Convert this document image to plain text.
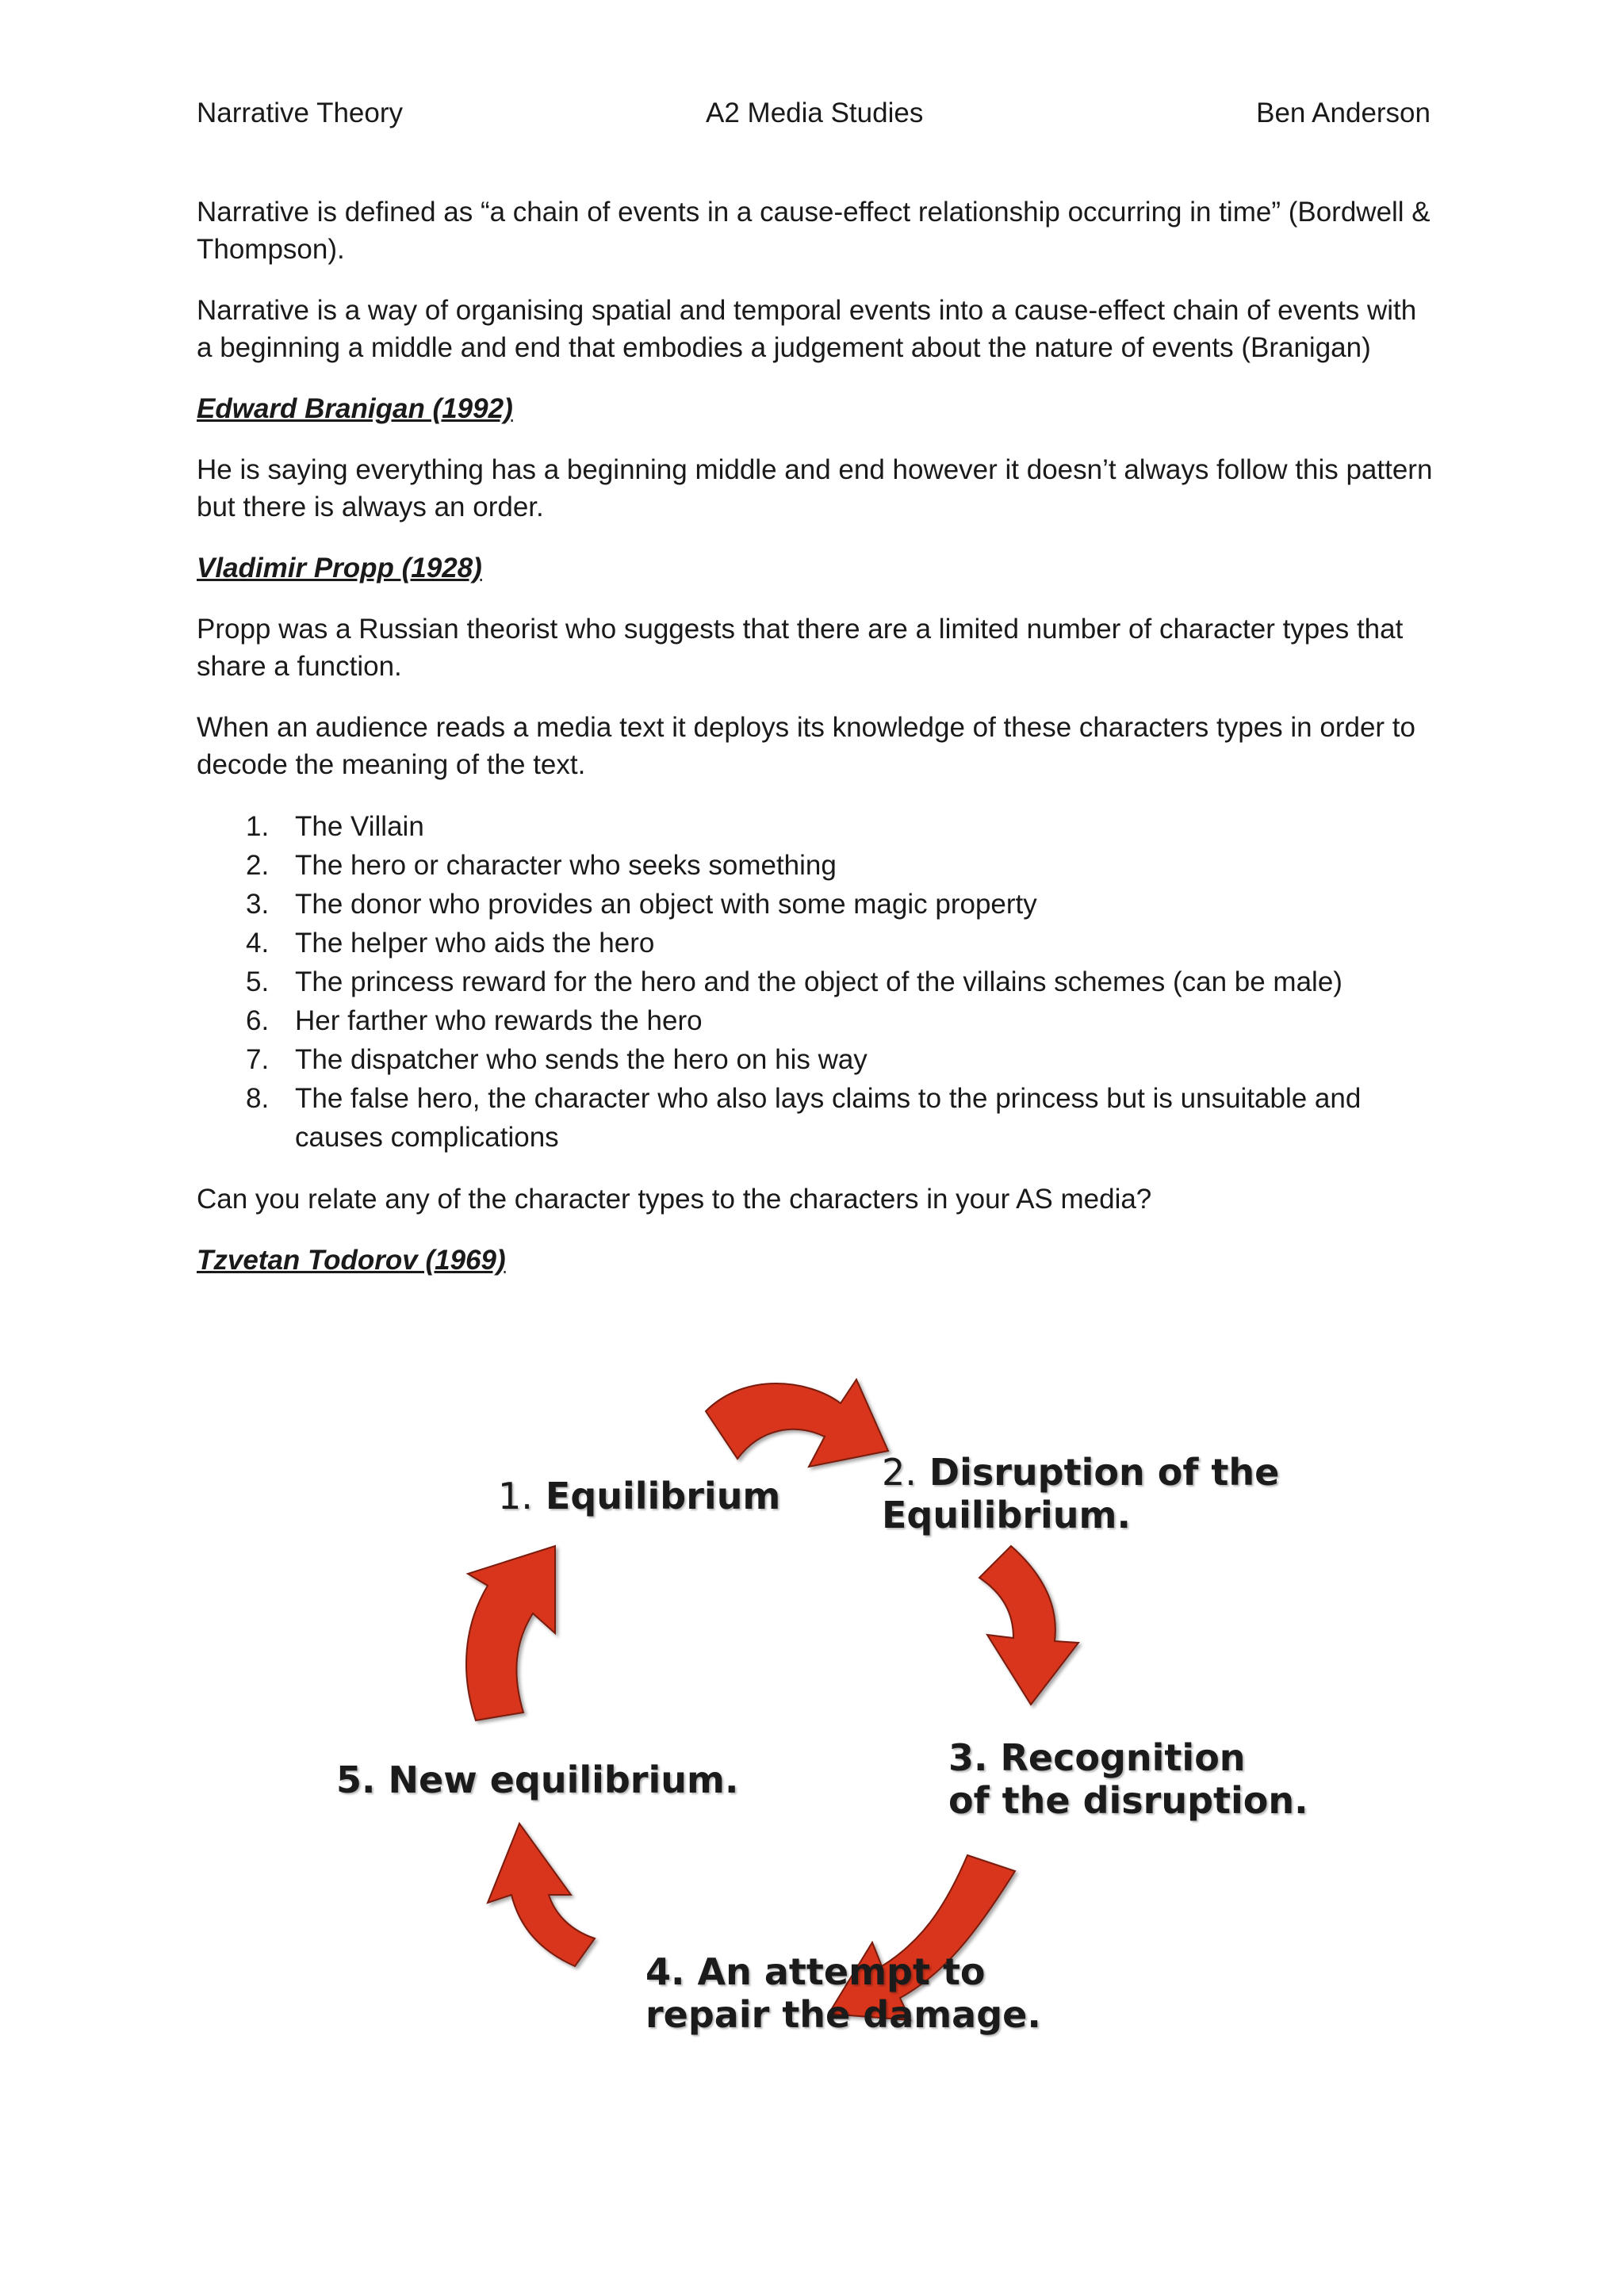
Narrative Theory	A2 Media Studies	Ben Anderson

Narrative is defined as “a chain of events in a cause-effect relationship occurring in time” (Bordwell & Thompson).

Narrative is a way of organising spatial and temporal events into a cause-effect chain of events with a beginning a middle and end that embodies a judgement about the nature of events (Branigan)

Edward Branigan (1992)

He is saying everything has a beginning middle and end however it doesn’t always follow this pattern but there is always an order.

Vladimir Propp (1928)

Propp was a Russian theorist who suggests that there are a limited number of character types that share a function.

When an audience reads a media text it deploys its knowledge of these characters types in order to decode the meaning of the text.

1. The Villain
2. The hero or character who seeks something
3. The donor who provides an object with some magic property
4. The helper who aids the hero
5. The princess reward for the hero and the object of the villains schemes (can be male)
6. Her farther who rewards the hero
7. The dispatcher who sends the hero on his way
8. The false hero, the character who also lays claims to the princess but is unsuitable and causes complications

Can you relate any of the character types to the characters in your AS media?

Tzvetan Todorov (1969)

1. Equilibrium
2. Disruption of the
Equilibrium.
3. Recognition
of the disruption.
4. An attempt to
repair the damage.
5. New equilibrium.
